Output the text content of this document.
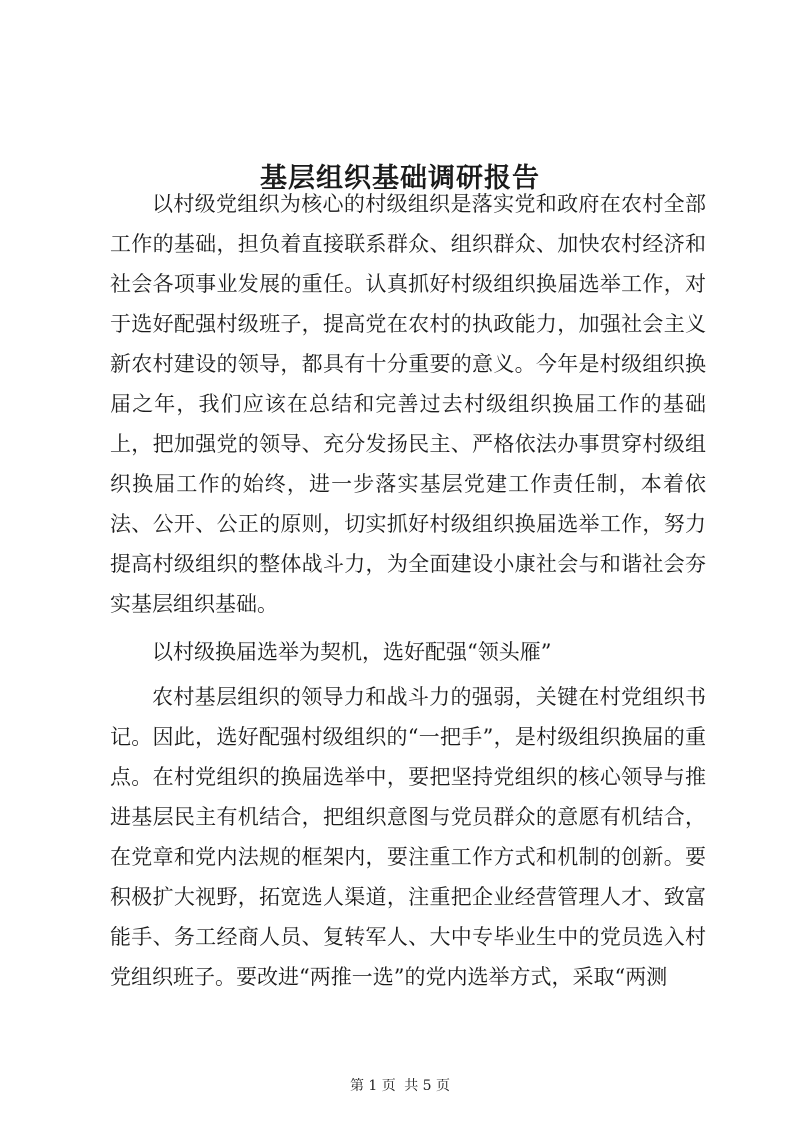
基层组织基础调研报告

以村级党组织为核心的村级组织是落实党和政府在农村全部工作的基础，担负着直接联系群众、组织群众、加快农村经济和社会各项事业发展的重任。认真抓好村级组织换届选举工作，对于选好配强村级班子，提高党在农村的执政能力，加强社会主义新农村建设的领导，都具有十分重要的意义。今年是村级组织换届之年，我们应该在总结和完善过去村级组织换届工作的基础上，把加强党的领导、充分发扬民主、严格依法办事贯穿村级组织换届工作的始终，进一步落实基层党建工作责任制，本着依法、公开、公正的原则，切实抓好村级组织换届选举工作，努力提高村级组织的整体战斗力，为全面建设小康社会与和谐社会夯实基层组织基础。

以村级换届选举为契机，选好配强“领头雁”

农村基层组织的领导力和战斗力的强弱，关键在村党组织书记。因此，选好配强村级组织的“一把手”，是村级组织换届的重点。在村党组织的换届选举中，要把坚持党组织的核心领导与推进基层民主有机结合，把组织意图与党员群众的意愿有机结合，在党章和党内法规的框架内，要注重工作方式和机制的创新。要积极扩大视野，拓宽选人渠道，注重把企业经营管理人才、致富能手、务工经商人员、复转军人、大中专毕业生中的党员选入村党组织班子。要改进“两推一选”的党内选举方式，采取“两测

第 1 页 共 5 页
